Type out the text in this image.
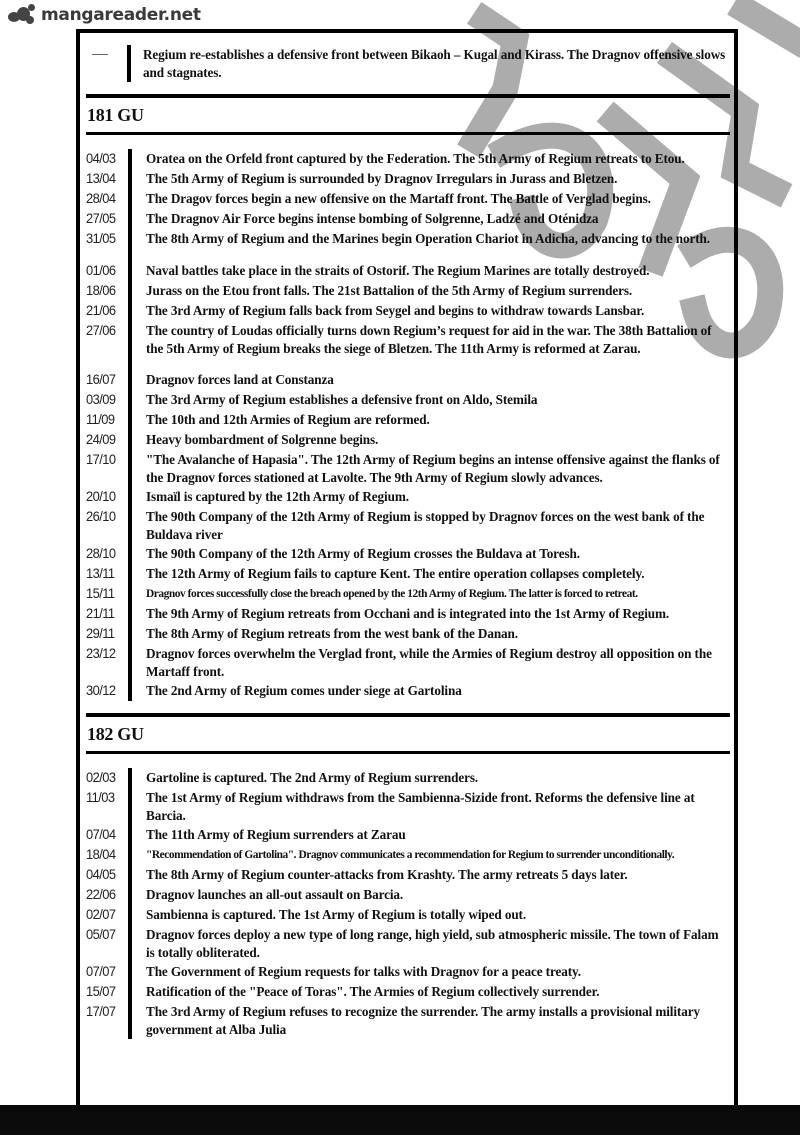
mangareader.net
Regium re-establishes a defensive front between Bikaoh – Kugal and Kirass. The Dragnov offensive slows and stagnates.
181 GU
04/03	Oratea on the Orfeld front captured by the Federation. The 5th Army of Regium retreats to Etou.
13/04	The 5th Army of Regium is surrounded by Dragnov Irregulars in Jurass and Bletzen.
28/04	The Dragov forces begin a new offensive on the Martaff front. The Battle of Verglad begins.
27/05	The Dragnov Air Force begins intense bombing of Solgrenne, Ladzé and Oténidza
31/05	The 8th Army of Regium and the Marines begin Operation Chariot in Adicha, advancing to the north.
01/06	Naval battles take place in the straits of Ostorif. The Regium Marines are totally destroyed.
18/06	Jurass on the Etou front falls. The 21st Battalion of the 5th Army of Regium surrenders.
21/06	The 3rd Army of Regium falls back from Seygel and begins to withdraw towards Lansbar.
27/06	The country of Loudas officially turns down Regium’s request for aid in the war. The 38th Battalion of the 5th Army of Regium breaks the siege of Bletzen. The 11th Army is reformed at Zarau.
16/07	Dragnov forces land at Constanza
03/09	The 3rd Army of Regium establishes a defensive front on Aldo, Stemila
11/09	The 10th and 12th Armies of Regium are reformed.
24/09	Heavy bombardment of Solgrenne begins.
17/10	"The Avalanche of Hapasia". The 12th Army of Regium begins an intense offensive against the flanks of the Dragnov forces stationed at Lavolte. The 9th Army of Regium slowly advances.
20/10	Ismaïl is captured by the 12th Army of Regium.
26/10	The 90th Company of the 12th Army of Regium is stopped by Dragnov forces on the west bank of the Buldava river
28/10	The 90th Company of the 12th Army of Regium crosses the Buldava at Toresh.
13/11	The 12th Army of Regium fails to capture Kent. The entire operation collapses completely.
15/11	Dragnov forces successfully close the breach opened by the 12th Army of Regium. The latter is forced to retreat.
21/11	The 9th Army of Regium retreats from Occhani and is integrated into the 1st Army of Regium.
29/11	The 8th Army of Regium retreats from the west bank of the Danan.
23/12	Dragnov forces overwhelm the Verglad front, while the Armies of Regium destroy all opposition on the Martaff front.
30/12	The 2nd Army of Regium comes under siege at Gartolina
182 GU
02/03	Gartoline is captured. The 2nd Army of Regium surrenders.
11/03	The 1st Army of Regium withdraws from the Sambienna-Sizide front. Reforms the defensive line at Barcia.
07/04	The 11th Army of Regium surrenders at Zarau
18/04	"Recommendation of Gartolina". Dragnov communicates a recommendation for Regium to surrender unconditionally.
04/05	The 8th Army of Regium counter-attacks from Krashty. The army retreats 5 days later.
22/06	Dragnov launches an all-out assault on Barcia.
02/07	Sambienna is captured. The 1st Army of Regium is totally wiped out.
05/07	Dragnov forces deploy a new type of long range, high yield, sub atmospheric missile. The town of Falam is totally obliterated.
07/07	The Government of Regium requests for talks with Dragnov for a peace treaty.
15/07	Ratification of the "Peace of Toras". The Armies of Regium collectively surrender.
17/07	The 3rd Army of Regium refuses to recognize the surrender. The army installs a provisional military government at Alba Julia
